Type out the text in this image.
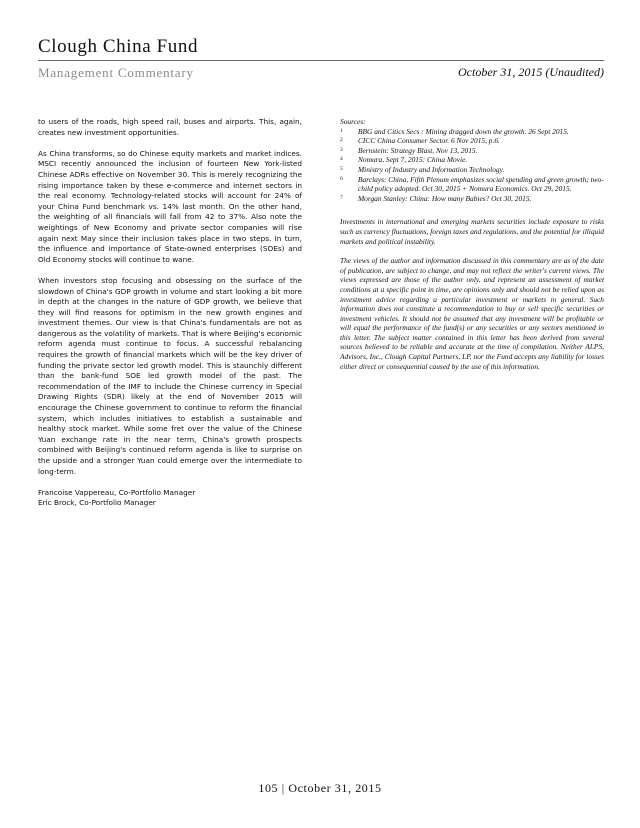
Clough China Fund
Management Commentary	October 31, 2015 (Unaudited)

to users of the roads, high speed rail, buses and airports. This, again, creates new investment opportunities.

As China transforms, so do Chinese equity markets and market indices. MSCI recently announced the inclusion of fourteen New York-listed Chinese ADRs effective on November 30. This is merely recognizing the rising importance taken by these e-commerce and internet sectors in the real economy. Technology-related stocks will account for 24% of your China Fund benchmark vs. 14% last month. On the other hand, the weighting of all financials will fall from 42 to 37%. Also note the weightings of New Economy and private sector companies will rise again next May since their inclusion takes place in two steps. In turn, the influence and importance of State-owned enterprises (SOEs) and Old Economy stocks will continue to wane.

When investors stop focusing and obsessing on the surface of the slowdown of China's GDP growth in volume and start looking a bit more in depth at the changes in the nature of GDP growth, we believe that they will find reasons for optimism in the new growth engines and investment themes. Our view is that China's fundamentals are not as dangerous as the volatility of markets. That is where Beijing's economic reform agenda must continue to focus. A successful rebalancing requires the growth of financial markets which will be the key driver of funding the private sector led growth model. This is staunchly different than the bank-fund SOE led growth model of the past. The recommendation of the IMF to include the Chinese currency in Special Drawing Rights (SDR) likely at the end of November 2015 will encourage the Chinese government to continue to reform the financial system, which includes initiatives to establish a sustainable and healthy stock market. While some fret over the value of the Chinese Yuan exchange rate in the near term, China's growth prospects combined with Beijing's continued reform agenda is like to surprise on the upside and a stronger Yuan could emerge over the intermediate to long-term.

Francoise Vappereau, Co-Portfolio Manager
Eric Brock, Co-Portfolio Manager
Sources:
1	BBG and Citics Secs : Mining dragged down the growth. 26 Sept 2015.
2	CICC China Consumer Sector. 6 Nov 2015, p.6.
3	Bernstein: Strategy Blast, Nov 13, 2015.
4	Nomura, Sept 7, 2015: China Movie.
5	Ministry of Industry and Information Technology.
6	Barclays: China, Fifth Plenum emphasizes social spending and green growth; two-child policy adopted. Oct 30, 2015 + Nomura Economics. Oct 29, 2015.
7	Morgan Stanley: China: How many Babies? Oct 30, 2015.

Investments in international and emerging markets securities include exposure to risks such as currency fluctuations, foreign taxes and regulations, and the potential for illiquid markets and political instability.

The views of the author and information discussed in this commentary are as of the date of publication, are subject to change, and may not reflect the writer's current views. The views expressed are those of the author only, and represent an assessment of market conditions at a specific point in time, are opinions only and should not be relied upon as investment advice regarding a particular investment or markets in general. Such information does not constitute a recommendation to buy or sell specific securities or investment vehicles. It should not be assumed that any investment will be profitable or will equal the performance of the fund(s) or any securities or any sectors mentioned in this letter. The subject matter contained in this letter has been derived from several sources believed to be reliable and accurate at the time of compilation. Neither ALPS, Advisors, Inc., Clough Capital Partners, LP, nor the Fund accepts any liability for losses either direct or consequential caused by the use of this information.

105 | October 31, 2015
